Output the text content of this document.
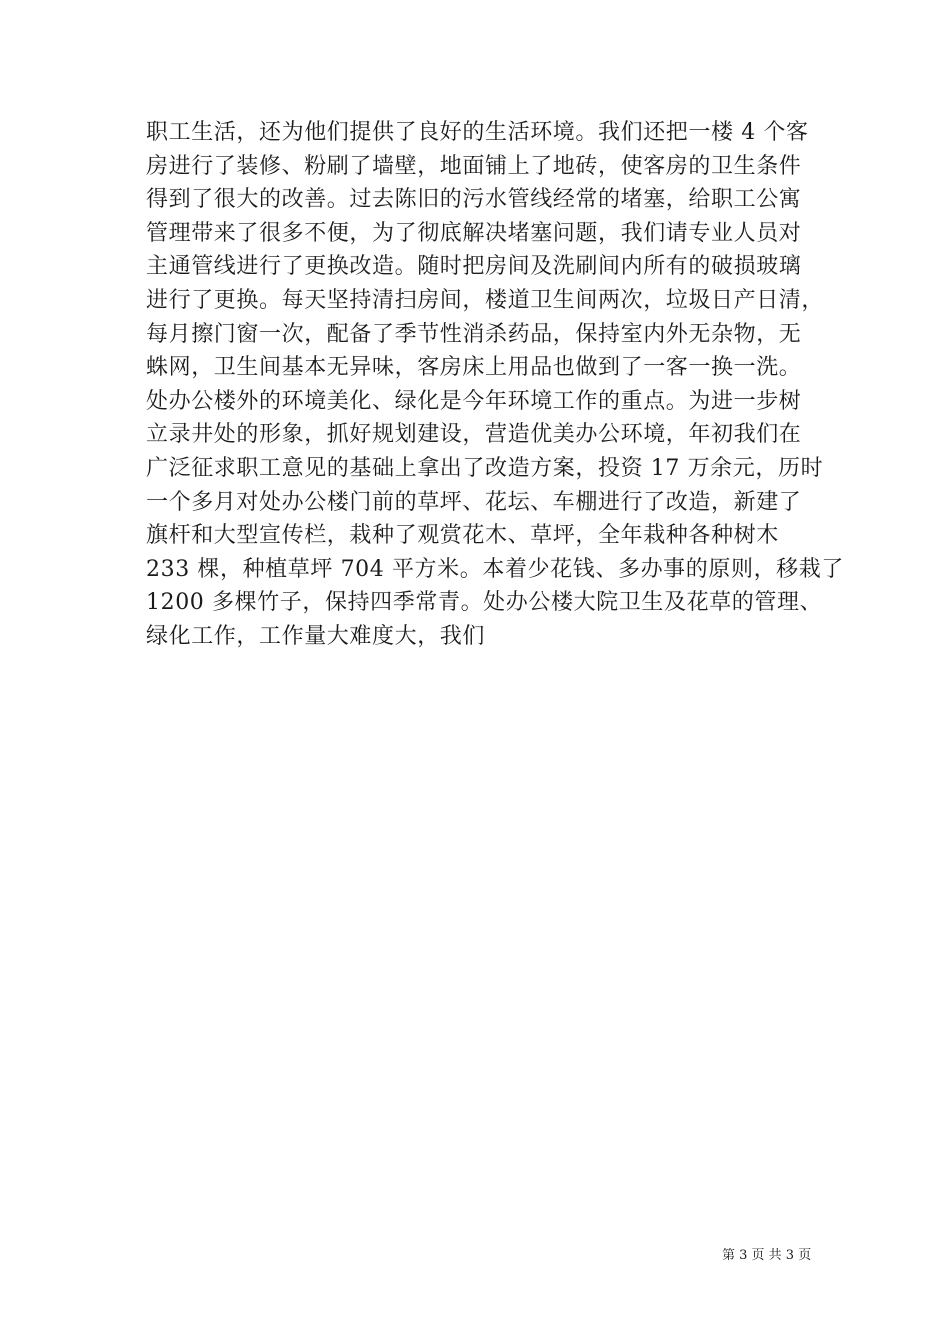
职工生活，还为他们提供了良好的生活环境。我们还把一楼 4 个客
房进行了装修、粉刷了墙壁，地面铺上了地砖，使客房的卫生条件
得到了很大的改善。过去陈旧的污水管线经常的堵塞，给职工公寓
管理带来了很多不便，为了彻底解决堵塞问题，我们请专业人员对
主通管线进行了更换改造。随时把房间及洗刷间内所有的破损玻璃
进行了更换。每天坚持清扫房间，楼道卫生间两次，垃圾日产日清，
每月擦门窗一次，配备了季节性消杀药品，保持室内外无杂物，无
蛛网，卫生间基本无异味，客房床上用品也做到了一客一换一洗。
处办公楼外的环境美化、绿化是今年环境工作的重点。为进一步树
立录井处的形象，抓好规划建设，营造优美办公环境，年初我们在
广泛征求职工意见的基础上拿出了改造方案，投资 17 万余元，历时
一个多月对处办公楼门前的草坪、花坛、车棚进行了改造，新建了
旗杆和大型宣传栏，栽种了观赏花木、草坪，全年栽种各种树木
233 棵，种植草坪 704 平方米。本着少花钱、多办事的原则，移栽了
1200 多棵竹子，保持四季常青。处办公楼大院卫生及花草的管理、
绿化工作，工作量大难度大，我们
第 3 页 共 3 页
